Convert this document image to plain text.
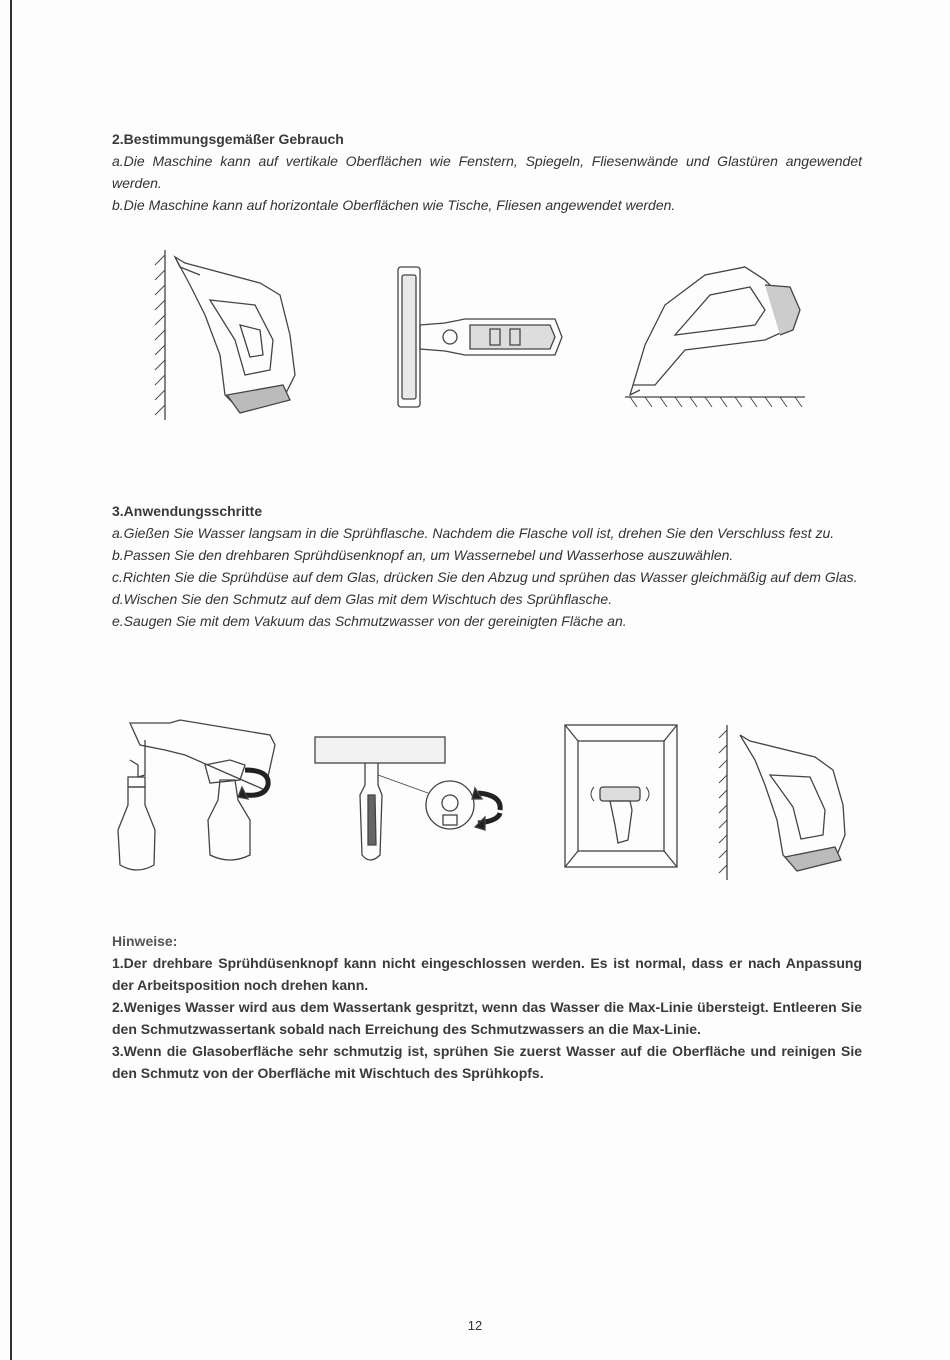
2.Bestimmungsgemäßer Gebrauch

a.Die Maschine kann auf vertikale Oberflächen wie Fenstern, Spiegeln, Fliesenwände und Glastüren angewendet werden.

b.Die Maschine kann auf horizontale Oberflächen wie Tische, Fliesen angewendet werden.

3.Anwendungsschritte

a.Gießen Sie Wasser langsam in die Sprühflasche. Nachdem die Flasche voll ist, drehen Sie den Verschluss fest zu.

b.Passen Sie den drehbaren Sprühdüsenknopf an, um Wassernebel und Wasserhose auszuwählen.

c.Richten Sie die Sprühdüse auf dem Glas, drücken Sie den Abzug und sprühen das Wasser gleichmäßig auf dem Glas.

d.Wischen Sie den Schmutz auf dem Glas mit dem Wischtuch des Sprühflasche.

e.Saugen Sie mit dem Vakuum das Schmutzwasser von der gereinigten Fläche an.

Hinweise:

1.Der drehbare Sprühdüsenknopf kann nicht eingeschlossen werden. Es ist normal, dass er nach Anpassung der Arbeitsposition noch drehen kann.

2.Weniges Wasser wird aus dem Wassertank gespritzt, wenn das Wasser die Max-Linie übersteigt. Entleeren Sie den Schmutzwassertank sobald nach Erreichung des Schmutzwassers an die Max-Linie.

3.Wenn die Glasoberfläche sehr schmutzig ist, sprühen Sie zuerst Wasser auf die Oberfläche und reinigen Sie den Schmutz von der Oberfläche mit Wischtuch des Sprühkopfs.

12
